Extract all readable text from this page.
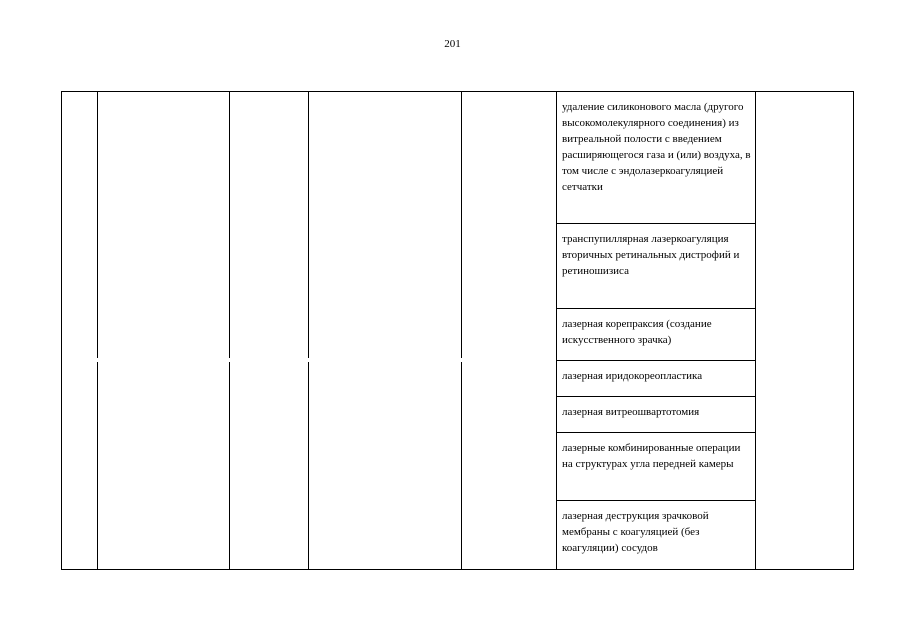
201
удаление силиконового масла (другого высокомолекулярного соединения) из витреальной полости с введением расширяющегося газа и (или) воздуха, в том числе с эндолазеркоагуляцией сетчатки
транспупиллярная лазеркоагуляция вторичных ретинальных дистрофий и ретиношизиса
лазерная корепраксия (создание искусственного зрачка)
лазерная иридокореопластика
лазерная витреошвартотомия
лазерные комбинированные операции на структурах угла передней камеры
лазерная деструкция зрачковой мембраны с коагуляцией (без коагуляции) сосудов
